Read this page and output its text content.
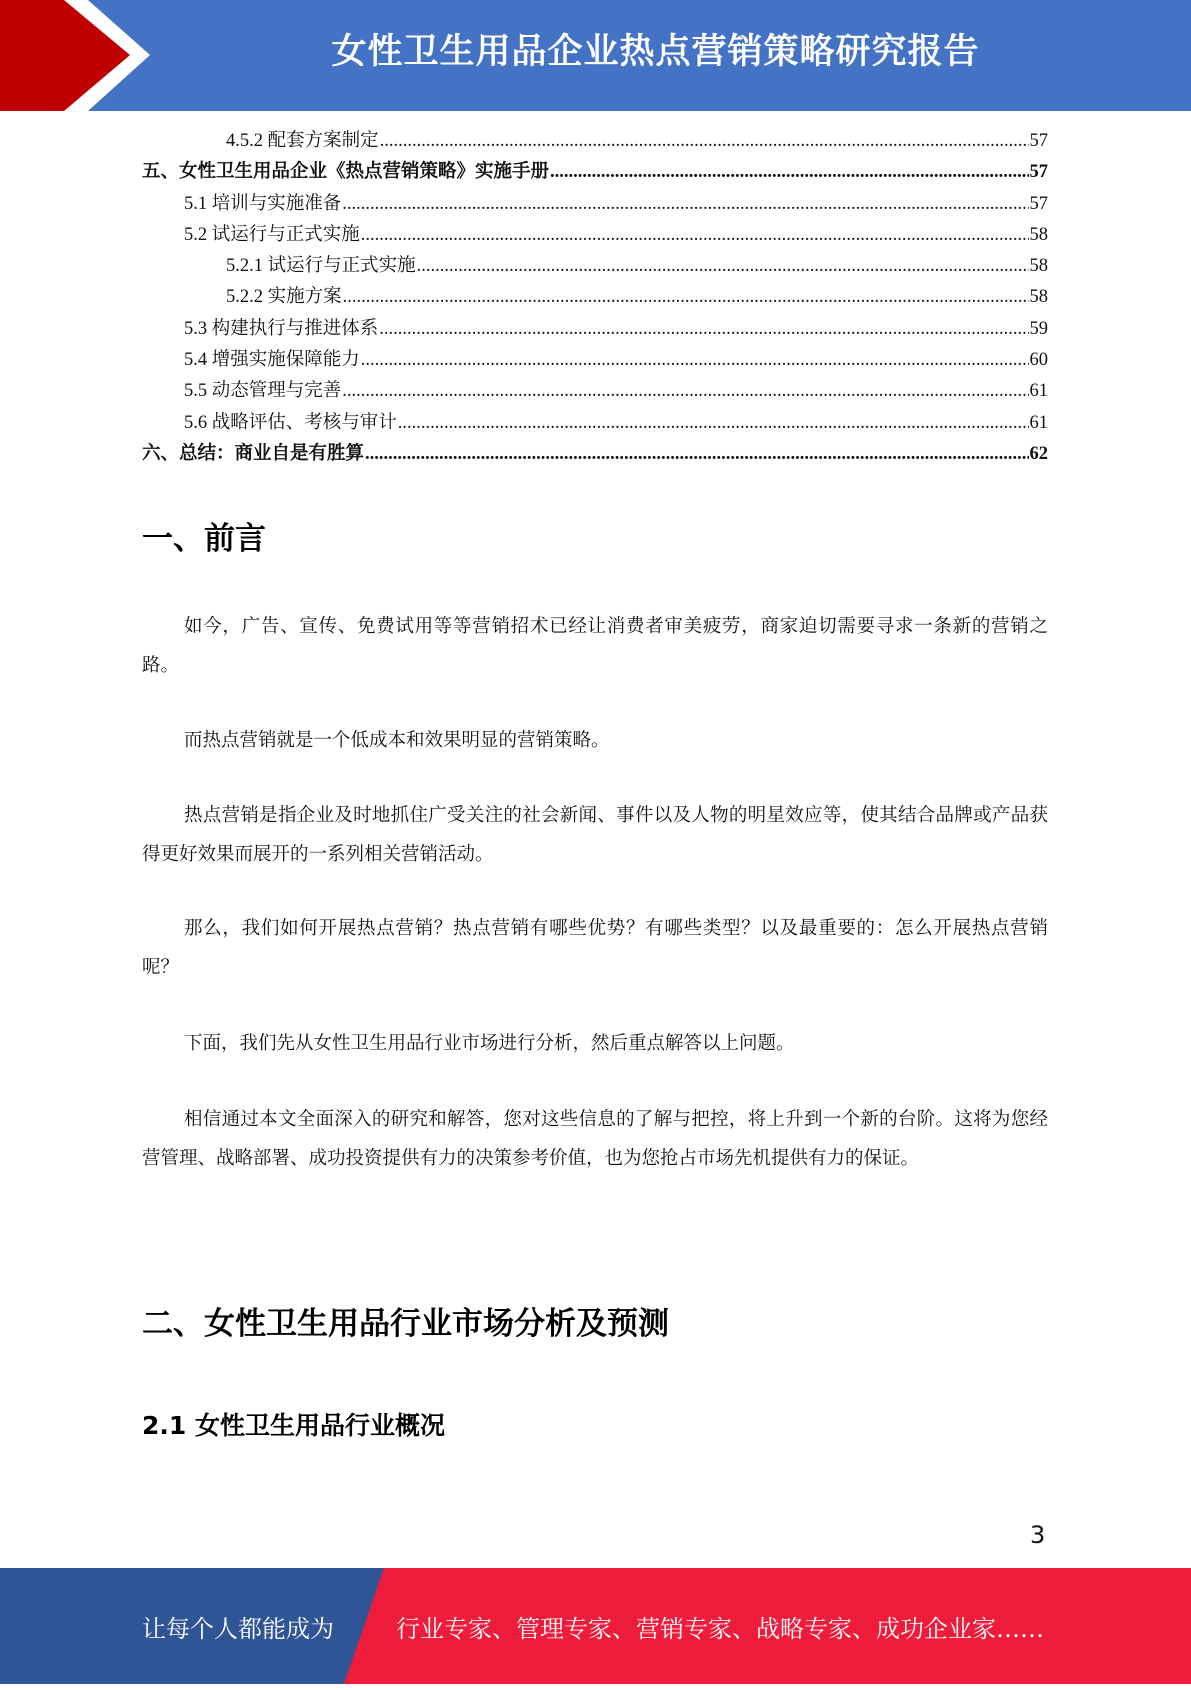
女性卫生用品企业热点营销策略研究报告
4.5.2 配套方案制定 .....	57
五、女性卫生用品企业《热点营销策略》实施手册 .....	57
5.1 培训与实施准备 .....	57
5.2 试运行与正式实施 .....	58
5.2.1 试运行与正式实施 .....	58
5.2.2 实施方案 .....	58
5.3 构建执行与推进体系 .....	59
5.4 增强实施保障能力 .....	60
5.5 动态管理与完善 .....	61
5.6 战略评估、考核与审计 .....	61
六、总结：商业自是有胜算 .....	62
一、前言
如今，广告、宣传、免费试用等等营销招术已经让消费者审美疲劳，商家迫切需要寻求一条新的营销之路。
而热点营销就是一个低成本和效果明显的营销策略。
热点营销是指企业及时地抓住广受关注的社会新闻、事件以及人物的明星效应等，使其结合品牌或产品获得更好效果而展开的一系列相关营销活动。
那么，我们如何开展热点营销？热点营销有哪些优势？有哪些类型？以及最重要的：怎么开展热点营销呢？
下面，我们先从女性卫生用品行业市场进行分析，然后重点解答以上问题。
相信通过本文全面深入的研究和解答，您对这些信息的了解与把控，将上升到一个新的台阶。这将为您经营管理、战略部署、成功投资提供有力的决策参考价值，也为您抢占市场先机提供有力的保证。
二、女性卫生用品行业市场分析及预测
2.1 女性卫生用品行业概况
3
让每个人都能成为	行业专家、管理专家、营销专家、战略专家、成功企业家……
